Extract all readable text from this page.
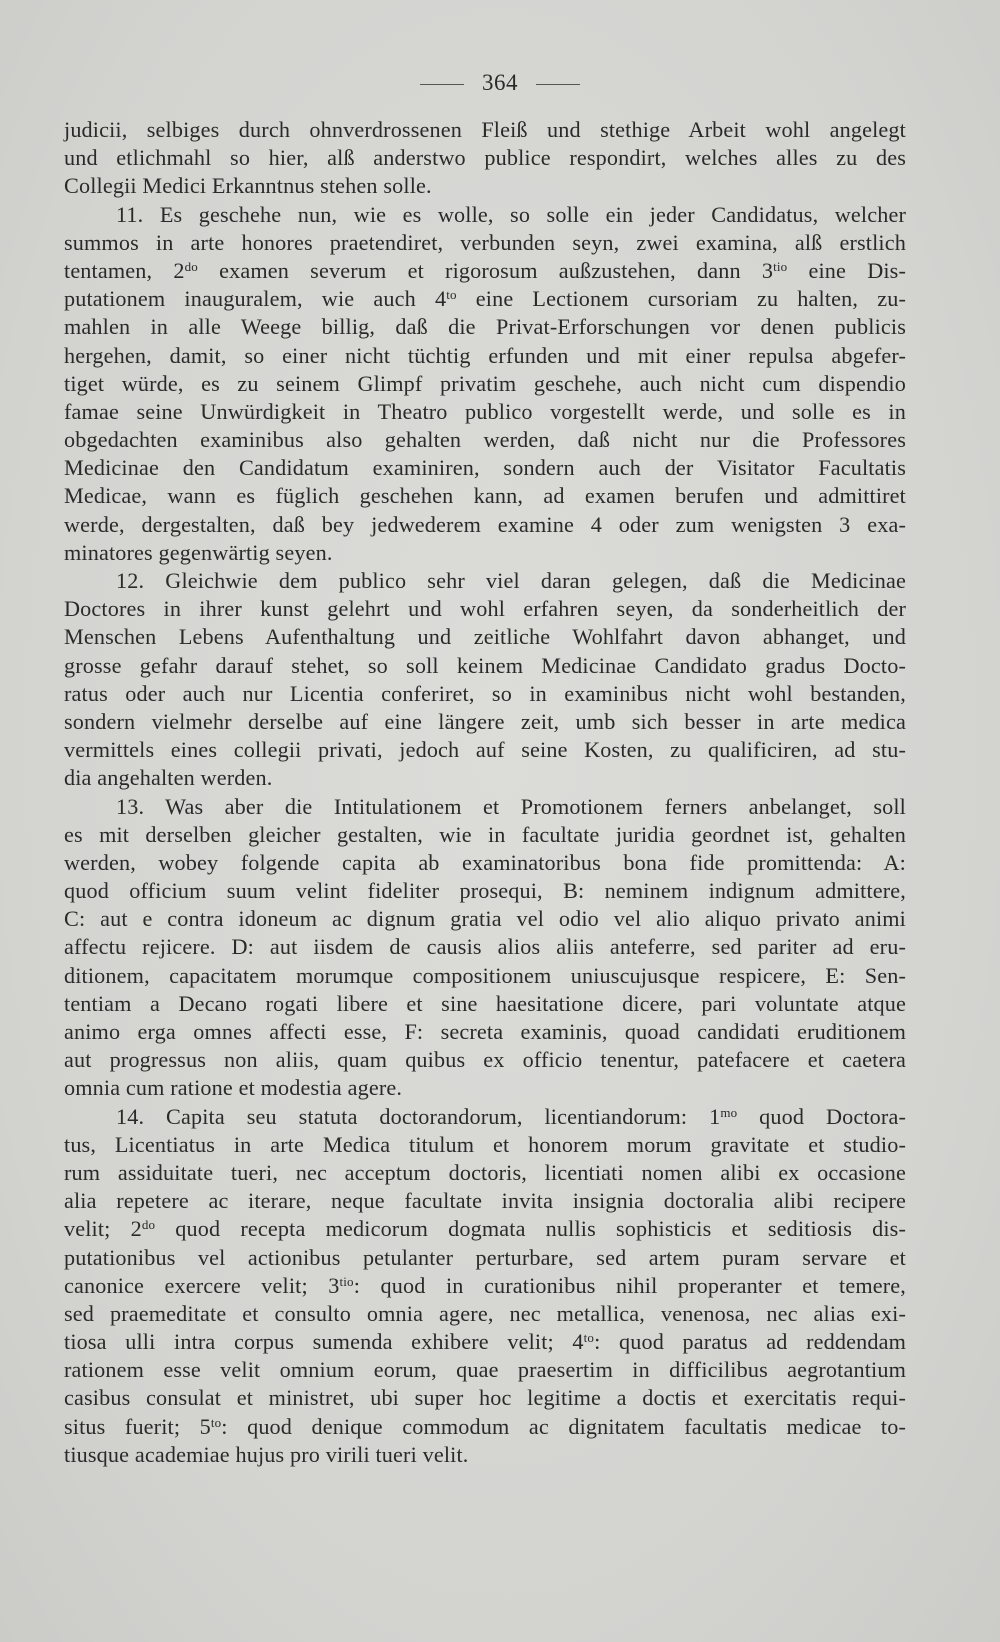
364
judicii, selbiges durch ohnverdrossenen Fleiß und stethige Arbeit wohl angelegt
und etlichmahl so hier, alß anderstwo publice respondirt, welches alles zu des
Collegii Medici Erkanntnus stehen solle.
11. Es geschehe nun, wie es wolle, so solle ein jeder Candidatus, welcher
summos in arte honores praetendiret, verbunden seyn, zwei examina, alß erstlich
tentamen, $2^{do}$ examen severum et rigorosum außzustehen, dann $3^{tio}$ eine Dis-
putationem inauguralem, wie auch $4^{to}$ eine Lectionem cursoriam zu halten, zu-
mahlen in alle Weege billig, daß die Privat-Erforschungen vor denen publicis
hergehen, damit, so einer nicht tüchtig erfunden und mit einer repulsa abgefer-
tiget würde, es zu seinem Glimpf privatim geschehe, auch nicht cum dispendio
famae seine Unwürdigkeit in Theatro publico vorgestellt werde, und solle es in
obgedachten examinibus also gehalten werden, daß nicht nur die Professores
Medicinae den Candidatum examiniren, sondern auch der Visitator Facultatis
Medicae, wann es füglich geschehen kann, ad examen berufen und admittiret
werde, dergestalten, daß bey jedwederem examine 4 oder zum wenigsten 3 exa-
minatores gegenwärtig seyen.
12. Gleichwie dem publico sehr viel daran gelegen, daß die Medicinae
Doctores in ihrer kunst gelehrt und wohl erfahren seyen, da sonderheitlich der
Menschen Lebens Aufenthaltung und zeitliche Wohlfahrt davon abhanget, und
grosse gefahr darauf stehet, so soll keinem Medicinae Candidato gradus Docto-
ratus oder auch nur Licentia conferiret, so in examinibus nicht wohl bestanden,
sondern vielmehr derselbe auf eine längere zeit, umb sich besser in arte medica
vermittels eines collegii privati, jedoch auf seine Kosten, zu qualificiren, ad stu-
dia angehalten werden.
13. Was aber die Intitulationem et Promotionem ferners anbelanget, soll
es mit derselben gleicher gestalten, wie in facultate juridia geordnet ist, gehalten
werden, wobey folgende capita ab examinatoribus bona fide promittenda: A:
quod officium suum velint fideliter prosequi, B: neminem indignum admittere,
C: aut e contra idoneum ac dignum gratia vel odio vel alio aliquo privato animi
affectu rejicere. D: aut iisdem de causis alios aliis anteferre, sed pariter ad eru-
ditionem, capacitatem morumque compositionem uniuscujusque respicere, E: Sen-
tentiam a Decano rogati libere et sine haesitatione dicere, pari voluntate atque
animo erga omnes affecti esse, F: secreta examinis, quoad candidati eruditionem
aut progressus non aliis, quam quibus ex officio tenentur, patefacere et caetera
omnia cum ratione et modestia agere.
14. Capita seu statuta doctorandorum, licentiandorum: $1^{mo}$ quod Doctora-
tus, Licentiatus in arte Medica titulum et honorem morum gravitate et studio-
rum assiduitate tueri, nec acceptum doctoris, licentiati nomen alibi ex occasione
alia repetere ac iterare, neque facultate invita insignia doctoralia alibi recipere
velit; $2^{do}$ quod recepta medicorum dogmata nullis sophisticis et seditiosis dis-
putationibus vel actionibus petulanter perturbare, sed artem puram servare et
canonice exercere velit; $3^{tio}$: quod in curationibus nihil properanter et temere,
sed praemeditate et consulto omnia agere, nec metallica, venenosa, nec alias exi-
tiosa ulli intra corpus sumenda exhibere velit; $4^{to}$: quod paratus ad reddendam
rationem esse velit omnium eorum, quae praesertim in difficilibus aegrotantium
casibus consulat et ministret, ubi super hoc legitime a doctis et exercitatis requi-
situs fuerit; $5^{to}$: quod denique commodum ac dignitatem facultatis medicae to-
tiusque academiae hujus pro virili tueri velit.
